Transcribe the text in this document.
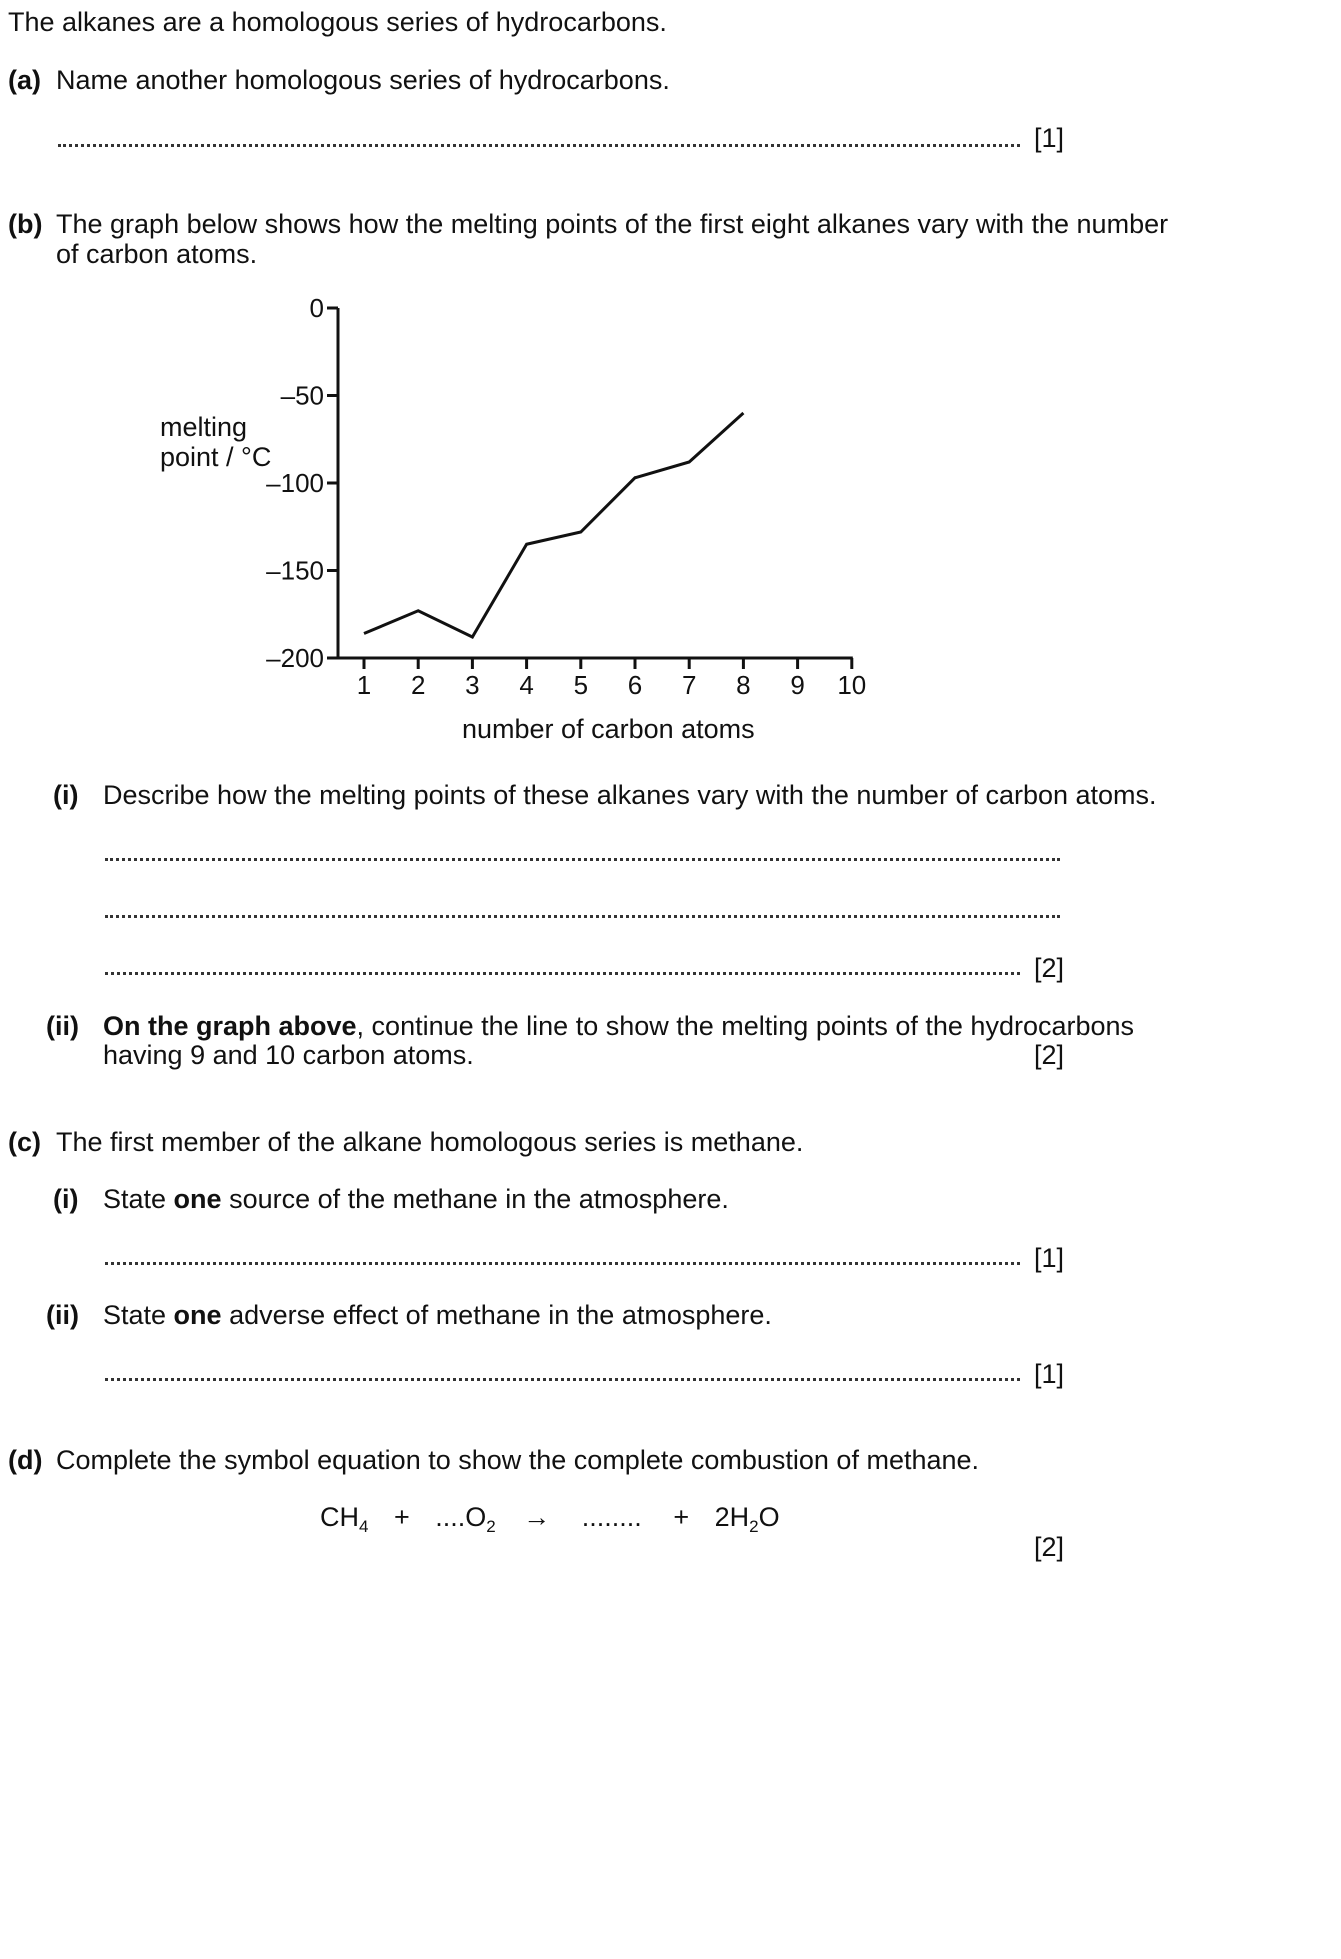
The alkanes are a homologous series of hydrocarbons.
(a) Name another homologous series of hydrocarbons.
[1]
(b) The graph below shows how the melting points of the first eight alkanes vary with the number
of carbon atoms.
0
–50
–100
–150
–200
1 2 3 4 5 6 7 8 9 10
melting
point / °C
number of carbon atoms
(i) Describe how the melting points of these alkanes vary with the number of carbon atoms.
[2]
(ii) On the graph above, continue the line to show the melting points of the hydrocarbons
having 9 and 10 carbon atoms.	[2]
(c) The first member of the alkane homologous series is methane.
(i) State one source of the methane in the atmosphere.
[1]
(ii) State one adverse effect of methane in the atmosphere.
[1]
(d) Complete the symbol equation to show the complete combustion of methane.
$CH_4 + ....O_2$ → ........ + $2H_2O$
[2]
